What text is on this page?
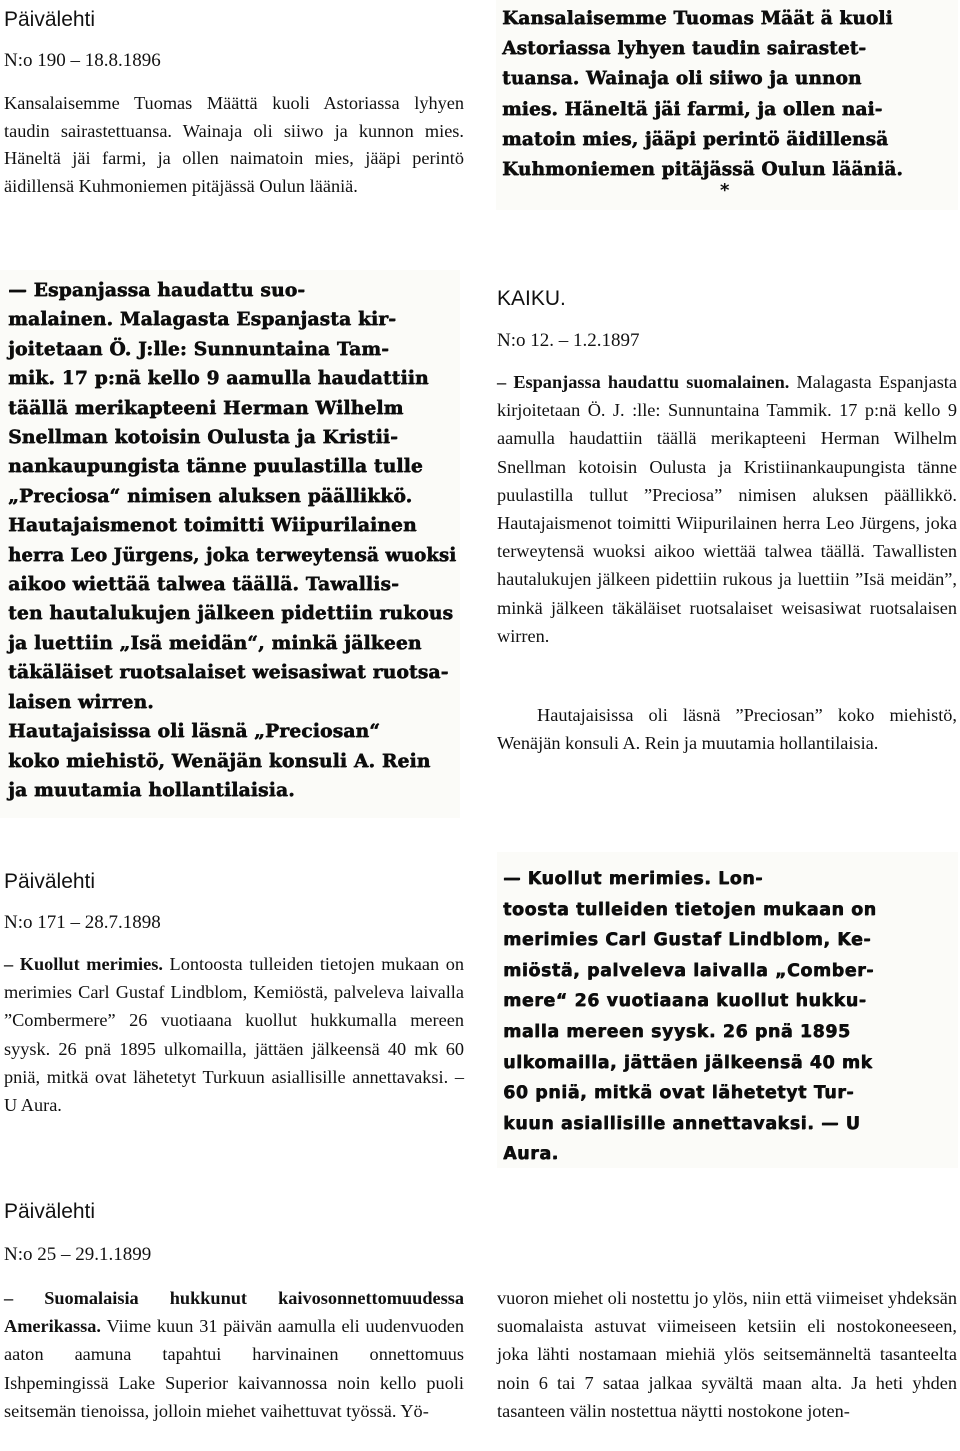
Päivälehti
N:o 190 – 18.8.1896
Kansalaisemme Tuomas Määttä kuoli Astoriassa lyhyen taudin sairastettuansa. Wainaja oli siiwo ja kunnon mies. Häneltä jäi farmi, ja ollen naimatoin mies, jääpi perintö äidillensä Kuhmoniemen pitäjässä Oulun lääniä.
Kansalaisemme Tuomas Määt ä kuoli
Astoriassa lyhyen taudin sairastet-
tuansa. Wainaja oli siiwo ja unnon
mies. Häneltä jäi farmi, ja ollen nai-
matoin mies, jääpi perintö äidillensä
Kuhmoniemen pitäjässä Oulun lääniä.
*
— Espanjassa haudattu suo-
malainen. Malagasta Espanjasta kir-
joitetaan Ö. J:lle: Sunnuntaina Tam-
mik. 17 p:nä kello 9 aamulla haudattiin
täällä merikapteeni Herman Wilhelm
Snellman kotoisin Oulusta ja Kristii-
nankaupungista tänne puulastilla tulle
„Preciosa“ nimisen aluksen päällikkö.
Hautajaismenot toimitti Wiipurilainen
herra Leo Jürgens, joka terweytensä wuoksi
aikoo wiettää talwea täällä. Tawallis-
ten hautalukujen jälkeen pidettiin rukous
ja luettiin „Isä meidän“, minkä jälkeen
täkäläiset ruotsalaiset weisasiwat ruotsa-
laisen wirren.
Hautajaisissa oli läsnä „Preciosan“
koko miehistö, Wenäjän konsuli A. Rein
ja muutamia hollantilaisia.
KAIKU.
N:o 12. – 1.2.1897
– Espanjassa haudattu suomalainen. Malagasta Espanjasta kirjoitetaan Ö. J. :lle: Sunnuntaina Tammik. 17 p:nä kello 9 aamulla haudattiin täällä merikapteeni Herman Wilhelm Snellman kotoisin Oulusta ja Kristiinankaupungista tänne puulastilla tullut ”Preciosa” nimisen aluksen päällikkö. Hautajaismenot toimitti Wiipurilainen herra Leo Jürgens, joka terweytensä wuoksi aikoo wiettää talwea täällä. Tawallisten hautalukujen jälkeen pidettiin rukous ja luettiin ”Isä meidän”, minkä jälkeen täkäläiset ruotsalaiset weisasiwat ruotsalaisen wirren.
Hautajaisissa oli läsnä ”Preciosan” koko miehistö, Wenäjän konsuli A. Rein ja muutamia hollantilaisia.
Päivälehti
N:o 171 – 28.7.1898
– Kuollut merimies. Lontoosta tulleiden tietojen mukaan on merimies Carl Gustaf Lindblom, Kemiöstä, palveleva laivalla ”Combermere” 26 vuotiaana kuollut hukkumalla mereen syysk. 26 pnä 1895 ulkomailla, jättäen jälkeensä 40 mk 60 pniä, mitkä ovat lähetetyt Turkuun asiallisille annettavaksi. – U Aura.
— Kuollut merimies. Lon-
toosta tulleiden tietojen mukaan on
merimies Carl Gustaf Lindblom, Ke-
miöstä, palveleva laivalla „Comber-
mere“ 26 vuotiaana kuollut hukku-
malla mereen syysk. 26 pnä 1895
ulkomailla, jättäen jälkeensä 40 mk
60 pniä, mitkä ovat lähetetyt Tur-
kuun asiallisille annettavaksi. — U
Aura.
Päivälehti
N:o 25 – 29.1.1899
– Suomalaisia hukkunut kaivosonnettomuudessa Amerikassa. Viime kuun 31 päivän aamulla eli uudenvuoden aaton aamuna tapahtui harvinainen onnettomuus Ishpemingissä Lake Superior kaivannossa noin kello puoli seitsemän tienoissa, jolloin miehet vaihettuvat työssä. Yö-
vuoron miehet oli nostettu jo ylös, niin että viimeiset yhdeksän suomalaista astuvat viimeiseen ketsiin eli nostokoneeseen, joka lähti nostamaan miehiä ylös seitsemänneltä tasanteelta noin 6 tai 7 sataa jalkaa syvältä maan alta. Ja heti yhden tasanteen välin nostettua näytti nostokone joten-
